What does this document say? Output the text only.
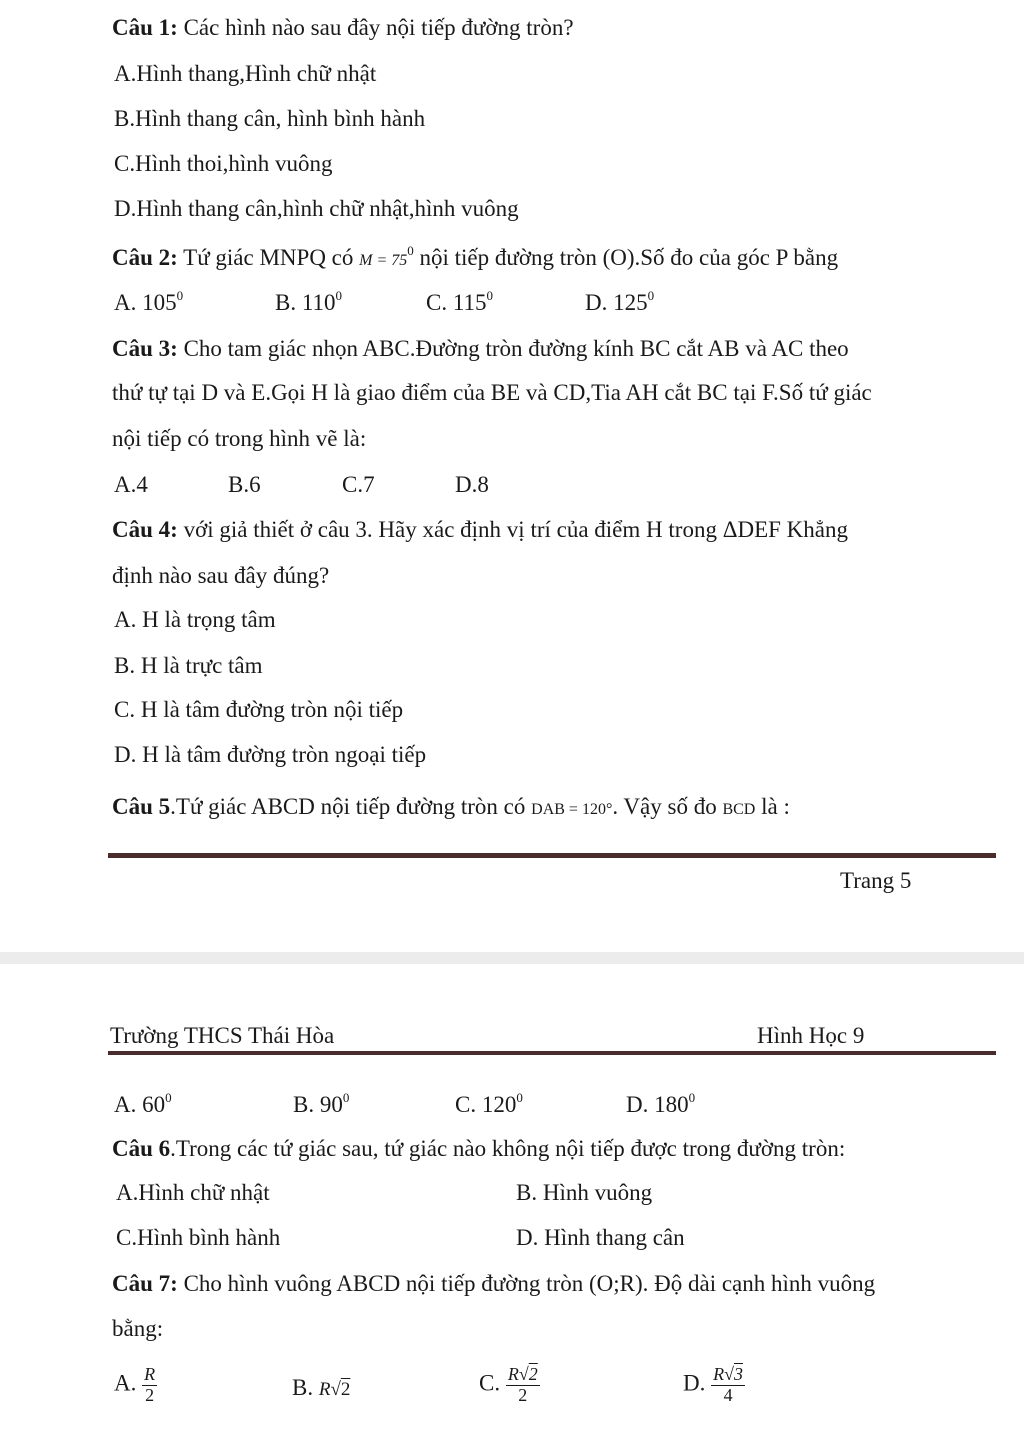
Câu 1: Các hình nào sau đây nội tiếp đường tròn?
A.Hình thang,Hình chữ nhật
B.Hình thang cân, hình bình hành
C.Hình thoi,hình vuông
D.Hình thang cân,hình chữ nhật,hình vuông
Câu 2: Tứ giác MNPQ có $M = 75^0$ nội tiếp đường tròn (O).Số đo của góc P bằng
A. $105^0$	B. $110^0$	C. $115^0$	D. $125^0$
Câu 3: Cho tam giác nhọn ABC.Đường tròn đường kính BC cắt AB và AC theo
thứ tự tại D và E.Gọi H là giao điểm của BE và CD,Tia AH cắt BC tại F.Số tứ giác
nội tiếp có trong hình vẽ là:
A.4	B.6	C.7	D.8
Câu 4: với giả thiết ở câu 3. Hãy xác định vị trí của điểm H trong ΔDEF Khẳng
định nào sau đây đúng?
A. H là trọng tâm
B. H là trực tâm
C. H là tâm đường tròn nội tiếp
D. H là tâm đường tròn ngoại tiếp
Câu 5.Tứ giác ABCD nội tiếp đường tròn có DAB = 120°. Vậy số đo BCD là :
Trang 5
Trường THCS Thái Hòa	Hình Học 9
A. $60^0$	B. $90^0$	C. $120^0$	D. $180^0$
Câu 6.Trong các tứ giác sau, tứ giác nào không nội tiếp được trong đường tròn:
A.Hình chữ nhật	B. Hình vuông
C.Hình bình hành	D. Hình thang cân
Câu 7: Cho hình vuông ABCD nội tiếp đường tròn (O;R). Độ dài cạnh hình vuông
bằng:
A. $\frac{R}{2}$	B. R√2	C. $\frac{R√2}{2}$	D. $\frac{R√3}{4}$
